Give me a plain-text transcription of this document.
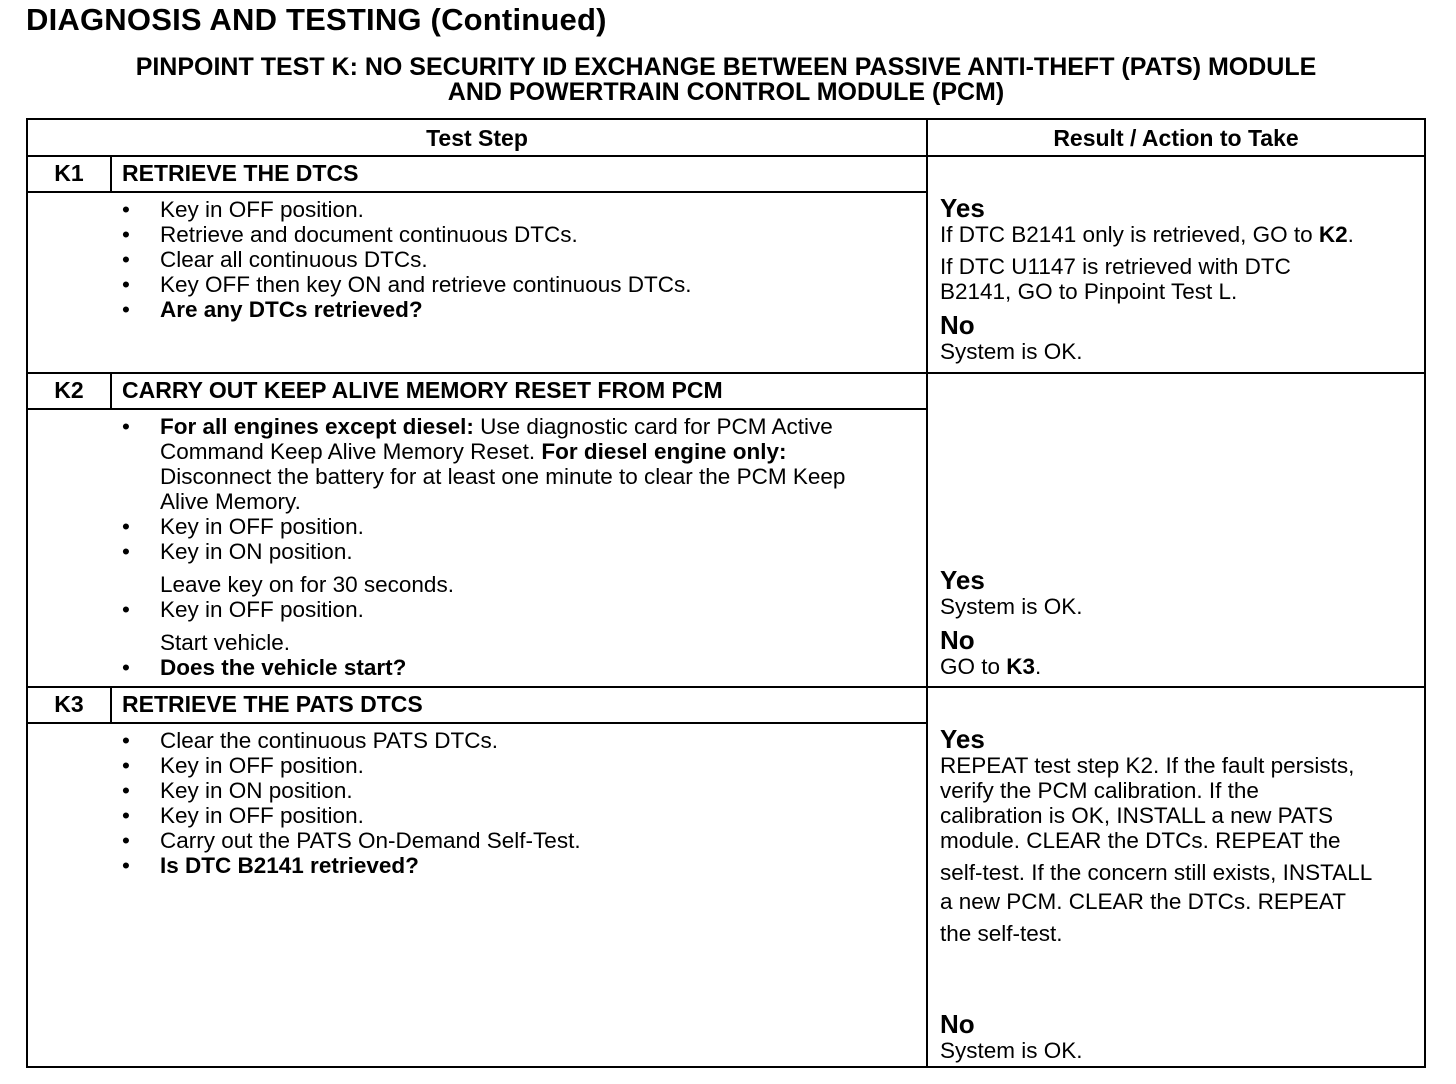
DIAGNOSIS AND TESTING (Continued)
PINPOINT TEST K: NO SECURITY ID EXCHANGE BETWEEN PASSIVE ANTI-THEFT (PATS) MODULE
AND POWERTRAIN CONTROL MODULE (PCM)
Test Step	Result / Action to Take
K1	RETRIEVE THE DTCS
• Key in OFF position.
• Retrieve and document continuous DTCs.
• Clear all continuous DTCs.
• Key OFF then key ON and retrieve continuous DTCs.
• Are any DTCs retrieved?
Yes
If DTC B2141 only is retrieved, GO to K2.
If DTC U1147 is retrieved with DTC
B2141, GO to Pinpoint Test L.
No
System is OK.
K2	CARRY OUT KEEP ALIVE MEMORY RESET FROM PCM
• For all engines except diesel: Use diagnostic card for PCM Active Command Keep Alive Memory Reset. For diesel engine only: Disconnect the battery for at least one minute to clear the PCM Keep Alive Memory.
• Key in OFF position.
• Key in ON position.
Leave key on for 30 seconds.
• Key in OFF position.
Start vehicle.
• Does the vehicle start?
Yes
System is OK.
No
GO to K3.
K3	RETRIEVE THE PATS DTCS
• Clear the continuous PATS DTCs.
• Key in OFF position.
• Key in ON position.
• Key in OFF position.
• Carry out the PATS On-Demand Self-Test.
• Is DTC B2141 retrieved?
Yes
REPEAT test step K2. If the fault persists,
verify the PCM calibration. If the
calibration is OK, INSTALL a new PATS
module. CLEAR the DTCs. REPEAT the
self-test. If the concern still exists, INSTALL
a new PCM. CLEAR the DTCs. REPEAT
the self-test.
No
System is OK.
